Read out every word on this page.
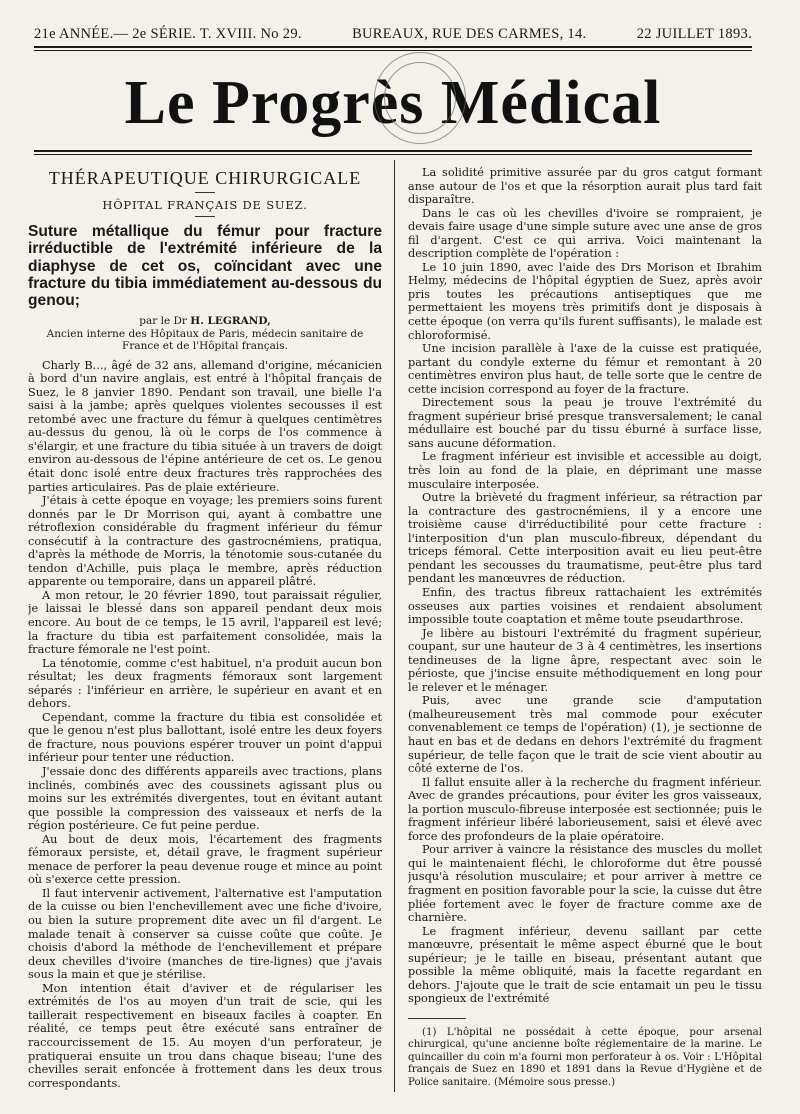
21e ANNÉE.— 2e SÉRIE. T. XVIII. No 29.	BUREAUX, RUE DES CARMES, 14.	22 JUILLET 1893.
Le Progrès Médical
THÉRAPEUTIQUE CHIRURGICALE
HÔPITAL FRANÇAIS DE SUEZ.
Suture métallique du fémur pour fracture irréductible de l'extrémité inférieure de la diaphyse de cet os, coïncidant avec une fracture du tibia immédiatement au-dessous du genou;
par le Dr H. LEGRAND,
Ancien interne des Hôpitaux de Paris, médecin sanitaire de France et de l'Hôpital français.

Charly B..., âgé de 32 ans, allemand d'origine, mécanicien à bord d'un navire anglais, est entré à l'hôpital français de Suez, le 8 janvier 1890. Pendant son travail, une bielle l'a saisi à la jambe; après quelques violentes secousses il est retombé avec une fracture du fémur à quelques centimètres au-dessus du genou, là où le corps de l'os commence à s'élargir, et une fracture du tibia située à un travers de doigt environ au-dessous de l'épine antérieure de cet os. Le genou était donc isolé entre deux fractures très rapprochées des parties articulaires. Pas de plaie extérieure.

J'étais à cette époque en voyage; les premiers soins furent donnés par le Dr Morrison qui, ayant à combattre une rétroflexion considérable du fragment inférieur du fémur consécutif à la contracture des gastrocnémiens, pratiqua, d'après la méthode de Morris, la ténotomie sous-cutanée du tendon d'Achille, puis plaça le membre, après réduction apparente ou temporaire, dans un appareil plâtré.

A mon retour, le 20 février 1890, tout paraissait régulier, je laissai le blessé dans son appareil pendant deux mois encore. Au bout de ce temps, le 15 avril, l'appareil est levé; la fracture du tibia est parfaitement consolidée, mais la fracture fémorale ne l'est point.

La ténotomie, comme c'est habituel, n'a produit aucun bon résultat; les deux fragments fémoraux sont largement séparés : l'inférieur en arrière, le supérieur en avant et en dehors.

Cependant, comme la fracture du tibia est consolidée et que le genou n'est plus ballottant, isolé entre les deux foyers de fracture, nous pouvions espérer trouver un point d'appui inférieur pour tenter une réduction.

J'essaie donc des différents appareils avec tractions, plans inclinés, combinés avec des coussinets agissant plus ou moins sur les extrémités divergentes, tout en évitant autant que possible la compression des vaisseaux et nerfs de la région postérieure. Ce fut peine perdue.

Au bout de deux mois, l'écartement des fragments fémoraux persiste, et, détail grave, le fragment supérieur menace de perforer la peau devenue rouge et mince au point où s'exerce cette pression.

Il faut intervenir activement, l'alternative est l'amputation de la cuisse ou bien l'enchevillement avec une fiche d'ivoire, ou bien la suture proprement dite avec un fil d'argent. Le malade tenait à conserver sa cuisse coûte que coûte. Je choisis d'abord la méthode de l'enchevillement et prépare deux chevilles d'ivoire (manches de tire-lignes) que j'avais sous la main et que je stérilise.

Mon intention était d'aviver et de régulariser les extrémités de l'os au moyen d'un trait de scie, qui les taillerait respectivement en biseaux faciles à coapter. En réalité, ce temps peut être exécuté sans entraîner de raccourcissement de 15. Au moyen d'un perforateur, je pratiquerai ensuite un trou dans chaque biseau; l'une des chevilles serait enfoncée à frottement dans les deux trous correspondants.

La solidité primitive assurée par du gros catgut formant anse autour de l'os et que la résorption aurait plus tard fait disparaître.

Dans le cas où les chevilles d'ivoire se rompraient, je devais faire usage d'une simple suture avec une anse de gros fil d'argent. C'est ce qui arriva. Voici maintenant la description complète de l'opération :

Le 10 juin 1890, avec l'aide des Drs Morison et Ibrahim Helmy, médecins de l'hôpital égyptien de Suez, après avoir pris toutes les précautions antiseptiques que me permettaient les moyens très primitifs dont je disposais à cette époque (on verra qu'ils furent suffisants), le malade est chloroformisé.

Une incision parallèle à l'axe de la cuisse est pratiquée, partant du condyle externe du fémur et remontant à 20 centimètres environ plus haut, de telle sorte que le centre de cette incision correspond au foyer de la fracture.

Directement sous la peau je trouve l'extrémité du fragment supérieur brisé presque transversalement; le canal médullaire est bouché par du tissu éburné à surface lisse, sans aucune déformation.

Le fragment inférieur est invisible et accessible au doigt, très loin au fond de la plaie, en déprimant une masse musculaire interposée.

Outre la brièveté du fragment inférieur, sa rétraction par la contracture des gastrocnémiens, il y a encore une troisième cause d'irréductibilité pour cette fracture : l'interposition d'un plan musculo-fibreux, dépendant du triceps fémoral. Cette interposition avait eu lieu peut-être pendant les secousses du traumatisme, peut-être plus tard pendant les manœuvres de réduction.

Enfin, des tractus fibreux rattachaient les extrémités osseuses aux parties voisines et rendaient absolument impossible toute coaptation et même toute pseudarthrose.

Je libère au bistouri l'extrémité du fragment supérieur, coupant, sur une hauteur de 3 à 4 centimètres, les insertions tendineuses de la ligne âpre, respectant avec soin le périoste, que j'incise ensuite méthodiquement en long pour le relever et le ménager.

Puis, avec une grande scie d'amputation (malheureusement très mal commode pour exécuter convenablement ce temps de l'opération) (1), je sectionne de haut en bas et de dedans en dehors l'extrémité du fragment supérieur, de telle façon que le trait de scie vient aboutir au côté externe de l'os.

Il fallut ensuite aller à la recherche du fragment inférieur. Avec de grandes précautions, pour éviter les gros vaisseaux, la portion musculo-fibreuse interposée est sectionnée; puis le fragment inférieur libéré laborieusement, saisi et élevé avec force des profondeurs de la plaie opératoire.

Pour arriver à vaincre la résistance des muscles du mollet qui le maintenaient fléchi, le chloroforme dut être poussé jusqu'à résolution musculaire; et pour arriver à mettre ce fragment en position favorable pour la scie, la cuisse dut être pliée fortement avec le foyer de fracture comme axe de charnière.

Le fragment inférieur, devenu saillant par cette manœuvre, présentait le même aspect éburné que le bout supérieur; je le taille en biseau, présentant autant que possible la même obliquité, mais la facette regardant en dehors. J'ajoute que le trait de scie entamait un peu le tissu spongieux de l'extrémité

(1) L'hôpital ne possédait à cette époque, pour arsenal chirurgical, qu'une ancienne boîte réglementaire de la marine. Le quincailler du coin m'a fourni mon perforateur à os. Voir : L'Hôpital français de Suez en 1890 et 1891 dans la Revue d'Hygiène et de Police sanitaire. (Mémoire sous presse.)
